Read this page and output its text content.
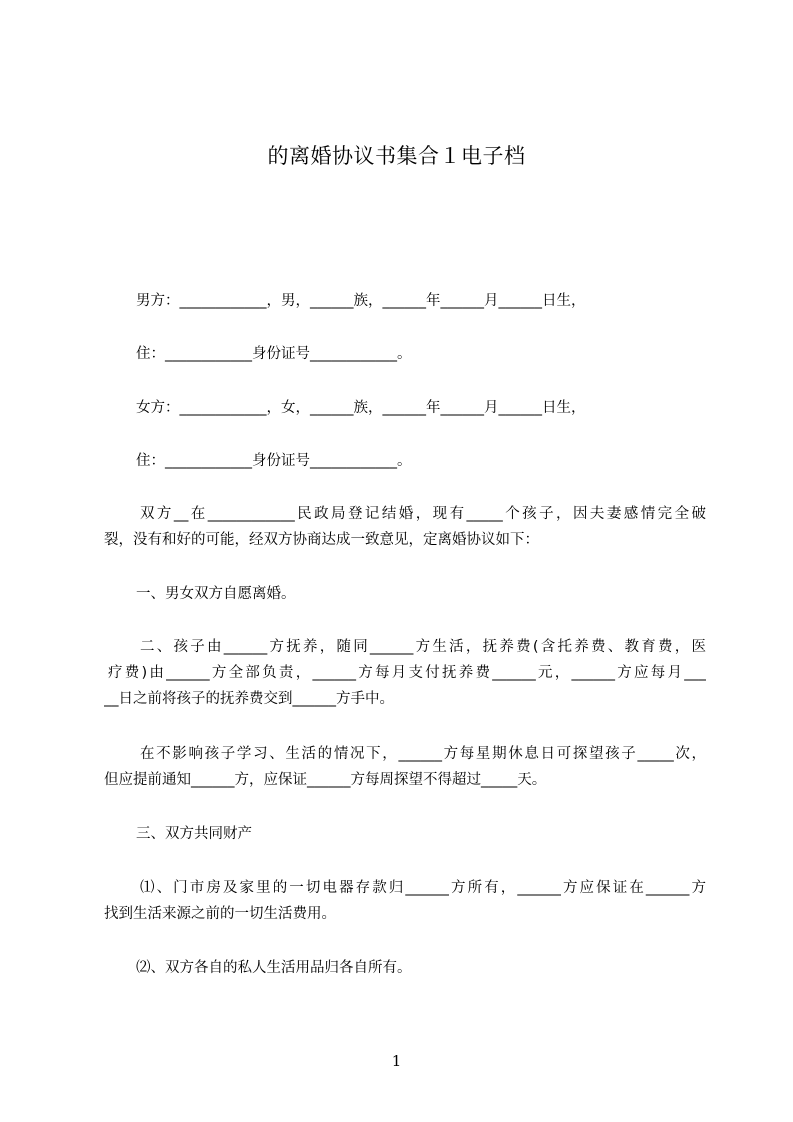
的离婚协议书集合１电子档
男方：____________，男，______族，______年______月______日生，
住：____________身份证号____________。
女方：____________，女，______族，______年______月______日生，
住：____________身份证号____________。
双方__在____________民政局登记结婚，现有_____个孩子，因夫妻感情完全破
裂，没有和好的可能，经双方协商达成一致意见，定离婚协议如下：
一、男女双方自愿离婚。
二、孩子由______方抚养，随同______方生活，抚养费(含托养费、教育费，医
疗费)由______方全部负责，______方每月支付抚养费______元，______方应每月___
__日之前将孩子的抚养费交到______方手中。
在不影响孩子学习、生活的情况下，______方每星期休息日可探望孩子_____次，
但应提前通知______方，应保证______方每周探望不得超过_____天。
三、双方共同财产
⑴、门市房及家里的一切电器存款归______方所有，______方应保证在______方
找到生活来源之前的一切生活费用。
⑵、双方各自的私人生活用品归各自所有。
1
